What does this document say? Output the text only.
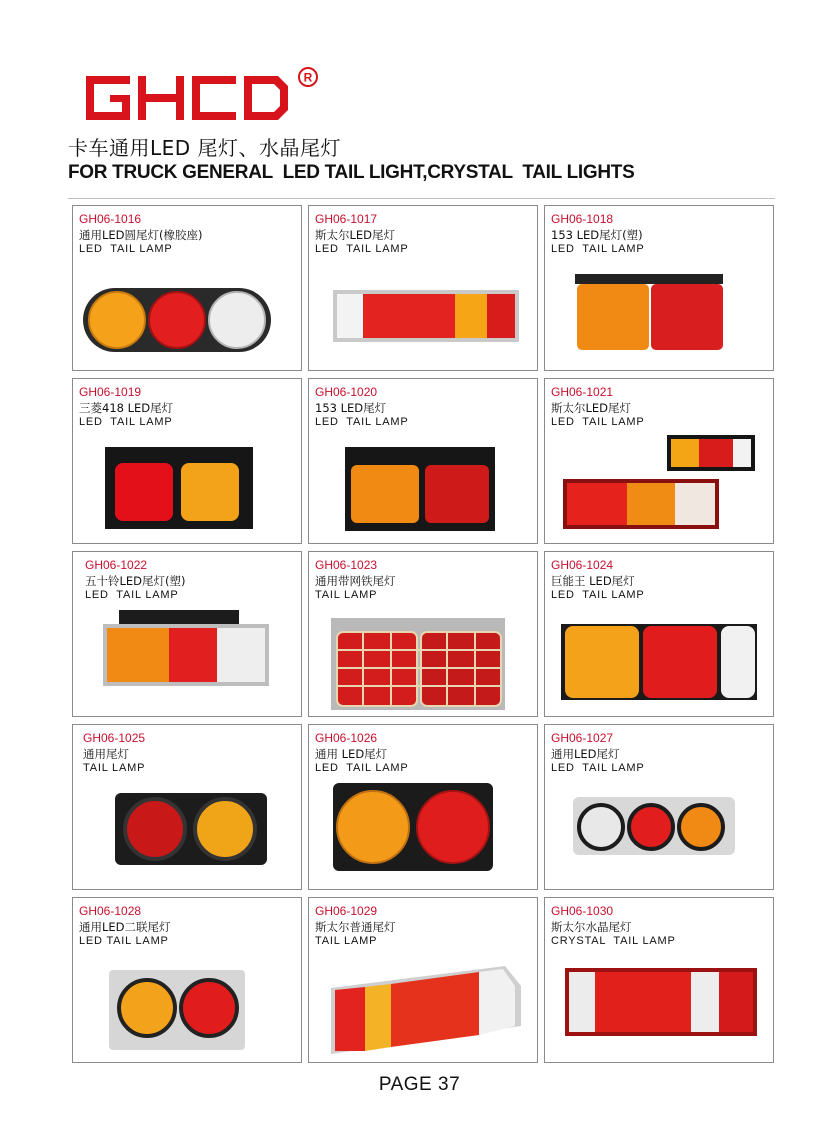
R
卡车通用LED 尾灯、水晶尾灯
FOR TRUCK GENERAL  LED TAIL LIGHT,CRYSTAL  TAIL LIGHTS
GH06-1016
通用LED圆尾灯(橡胶座)
LED  TAIL LAMP
GH06-1017
斯太尔LED尾灯
LED  TAIL LAMP
GH06-1018
153 LED尾灯(塑)
LED  TAIL LAMP
GH06-1019
三菱418 LED尾灯
LED  TAIL LAMP
GH06-1020
153 LED尾灯
LED  TAIL LAMP
GH06-1021
斯太尔LED尾灯
LED  TAIL LAMP
GH06-1022
五十铃LED尾灯(塑)
LED  TAIL LAMP
GH06-1023
通用带网铁尾灯
TAIL LAMP
GH06-1024
巨能王 LED尾灯
LED  TAIL LAMP
GH06-1025
通用尾灯
TAIL LAMP
GH06-1026
通用 LED尾灯
LED  TAIL LAMP
GH06-1027
通用LED尾灯
LED  TAIL LAMP
GH06-1028
通用LED二联尾灯
LED TAIL LAMP
GH06-1029
斯太尔普通尾灯
TAIL LAMP
GH06-1030
斯太尔水晶尾灯
CRYSTAL  TAIL LAMP
PAGE 37
